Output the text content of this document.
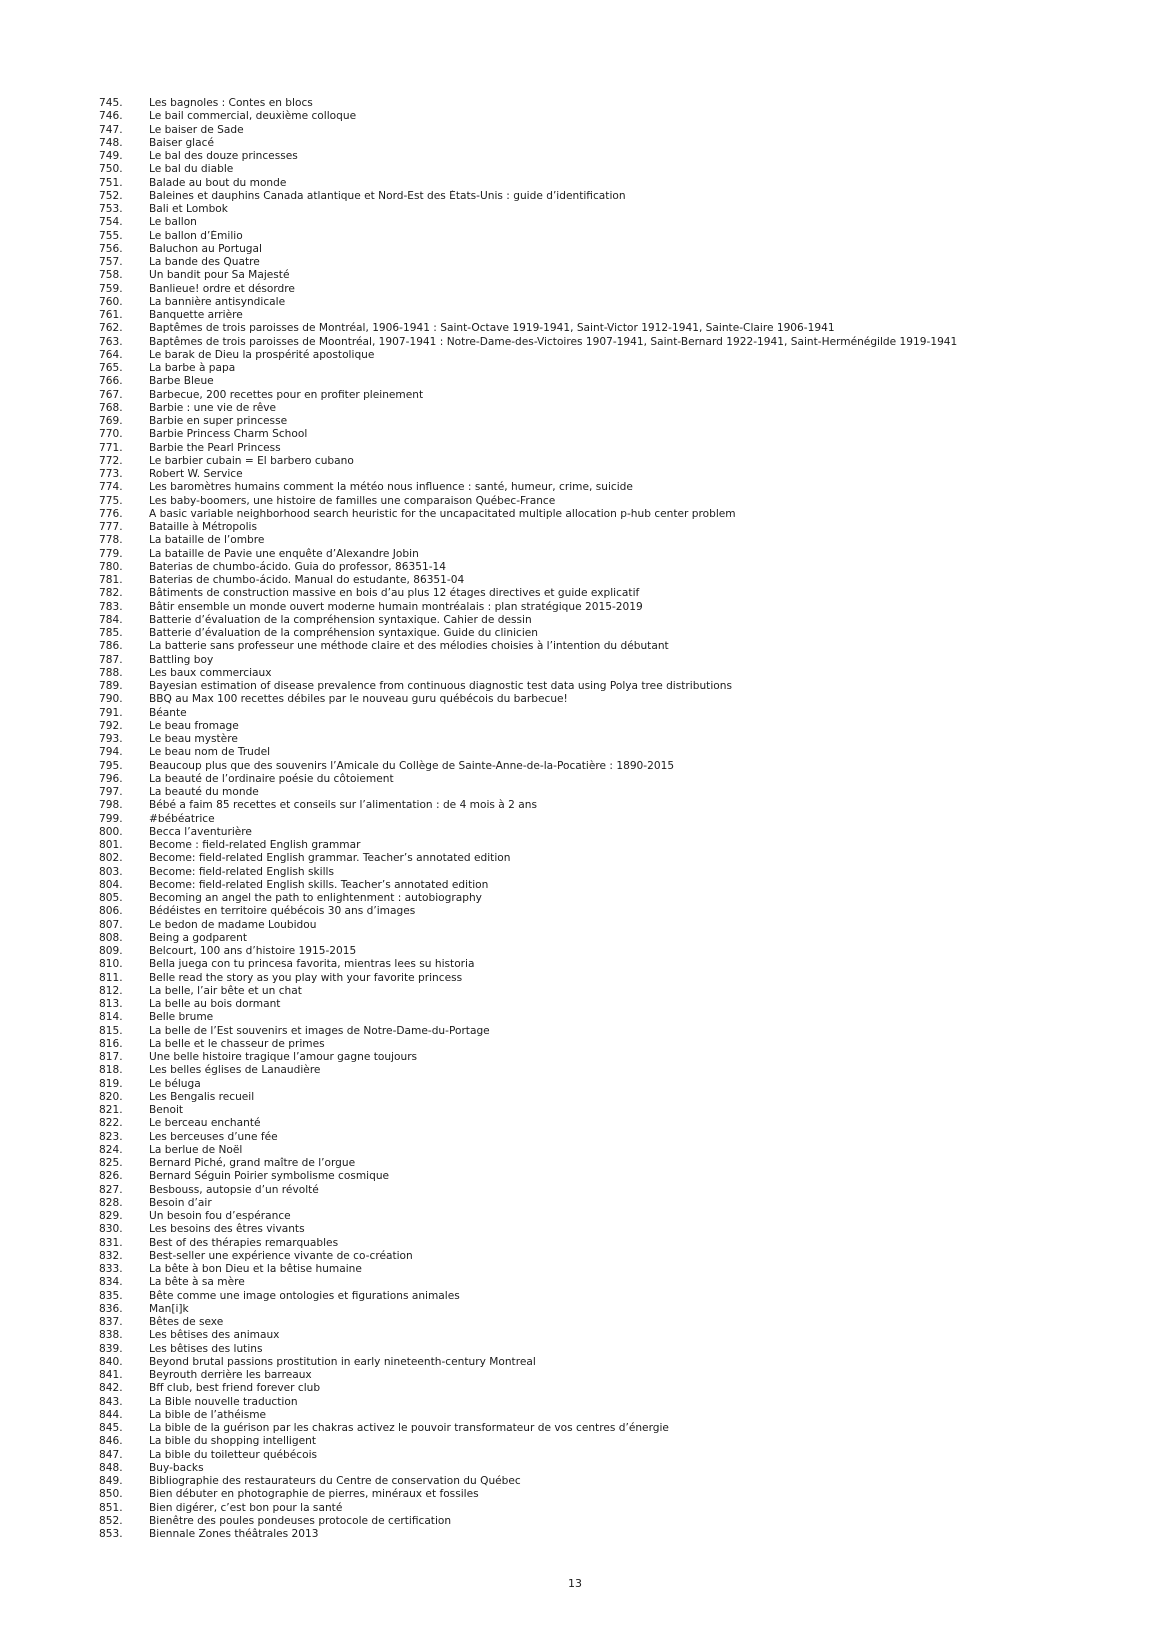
745.	Les bagnoles : Contes en blocs
746.	Le bail commercial, deuxième colloque
747.	Le baiser de Sade
748.	Baiser glacé
749.	Le bal des douze princesses
750.	Le bal du diable
751.	Balade au bout du monde
752.	Baleines et dauphins Canada atlantique et Nord-Est des États-Unis : guide d’identification
753.	Bali et Lombok
754.	Le ballon
755.	Le ballon d’Émilio
756.	Baluchon au Portugal
757.	La bande des Quatre
758.	Un bandit pour Sa Majesté
759.	Banlieue! ordre et désordre
760.	La bannière antisyndicale
761.	Banquette arrière
762.	Baptêmes de trois paroisses de Montréal, 1906-1941 : Saint-Octave 1919-1941, Saint-Victor 1912-1941, Sainte-Claire 1906-1941
763.	Baptêmes de trois paroisses de Moontréal, 1907-1941 : Notre-Dame-des-Victoires 1907-1941, Saint-Bernard 1922-1941, Saint-Herménégilde 1919-1941
764.	Le barak de Dieu la prospérité apostolique
765.	La barbe à papa
766.	Barbe Bleue
767.	Barbecue, 200 recettes pour en profiter pleinement
768.	Barbie : une vie de rêve
769.	Barbie en super princesse
770.	Barbie Princess Charm School
771.	Barbie the Pearl Princess
772.	Le barbier cubain = El barbero cubano
773.	Robert W. Service
774.	Les baromètres humains comment la météo nous influence : santé, humeur, crime, suicide
775.	Les baby-boomers, une histoire de familles une comparaison Québec-France
776.	A basic variable neighborhood search heuristic for the uncapacitated multiple allocation p-hub center problem
777.	Bataille à Métropolis
778.	La bataille de l’ombre
779.	La bataille de Pavie une enquête d’Alexandre Jobin
780.	Baterias de chumbo-ácido. Guia do professor, 86351-14
781.	Baterias de chumbo-ácido. Manual do estudante, 86351-04
782.	Bâtiments de construction massive en bois d’au plus 12 étages directives et guide explicatif
783.	Bâtir ensemble un monde ouvert moderne humain montréalais : plan stratégique 2015-2019
784.	Batterie d’évaluation de la compréhension syntaxique. Cahier de dessin
785.	Batterie d’évaluation de la compréhension syntaxique. Guide du clinicien
786.	La batterie sans professeur une méthode claire et des mélodies choisies à l’intention du débutant
787.	Battling boy
788.	Les baux commerciaux
789.	Bayesian estimation of disease prevalence from continuous diagnostic test data using Polya tree distributions
790.	BBQ au Max 100 recettes débiles par le nouveau guru québécois du barbecue!
791.	Béante
792.	Le beau fromage
793.	Le beau mystère
794.	Le beau nom de Trudel
795.	Beaucoup plus que des souvenirs l’Amicale du Collège de Sainte-Anne-de-la-Pocatière : 1890-2015
796.	La beauté de l’ordinaire poésie du côtoiement
797.	La beauté du monde
798.	Bébé a faim 85 recettes et conseils sur l’alimentation : de 4 mois à 2 ans
799.	#bébéatrice
800.	Becca l’aventurière
801.	Become : field-related English grammar
802.	Become: field-related English grammar. Teacher’s annotated edition
803.	Become: field-related English skills
804.	Become: field-related English skills. Teacher’s annotated edition
805.	Becoming an angel the path to enlightenment : autobiography
806.	Bédéistes en territoire québécois 30 ans d’images
807.	Le bedon de madame Loubidou
808.	Being a godparent
809.	Belcourt, 100 ans d’histoire 1915-2015
810.	Bella juega con tu princesa favorita, mientras lees su historia
811.	Belle read the story as you play with your favorite princess
812.	La belle, l’air bête et un chat
813.	La belle au bois dormant
814.	Belle brume
815.	La belle de l’Est souvenirs et images de Notre-Dame-du-Portage
816.	La belle et le chasseur de primes
817.	Une belle histoire tragique l’amour gagne toujours
818.	Les belles églises de Lanaudière
819.	Le béluga
820.	Les Bengalis recueil
821.	Benoit
822.	Le berceau enchanté
823.	Les berceuses d’une fée
824.	La berlue de Noël
825.	Bernard Piché, grand maître de l’orgue
826.	Bernard Séguin Poirier symbolisme cosmique
827.	Besbouss, autopsie d’un révolté
828.	Besoin d’air
829.	Un besoin fou d’espérance
830.	Les besoins des êtres vivants
831.	Best of des thérapies remarquables
832.	Best-seller une expérience vivante de co-création
833.	La bête à bon Dieu et la bêtise humaine
834.	La bête à sa mère
835.	Bête comme une image ontologies et figurations animales
836.	Man[i]k
837.	Bêtes de sexe
838.	Les bêtises des animaux
839.	Les bêtises des lutins
840.	Beyond brutal passions prostitution in early nineteenth-century Montreal
841.	Beyrouth derrière les barreaux
842.	Bff club, best friend forever club
843.	La Bible nouvelle traduction
844.	La bible de l’athéisme
845.	La bible de la guérison par les chakras activez le pouvoir transformateur de vos centres d’énergie
846.	La bible du shopping intelligent
847.	La bible du toiletteur québécois
848.	Buy-backs
849.	Bibliographie des restaurateurs du Centre de conservation du Québec
850.	Bien débuter en photographie de pierres, minéraux et fossiles
851.	Bien digérer, c’est bon pour la santé
852.	Bienêtre des poules pondeuses protocole de certification
853.	Biennale Zones théâtrales 2013
13
